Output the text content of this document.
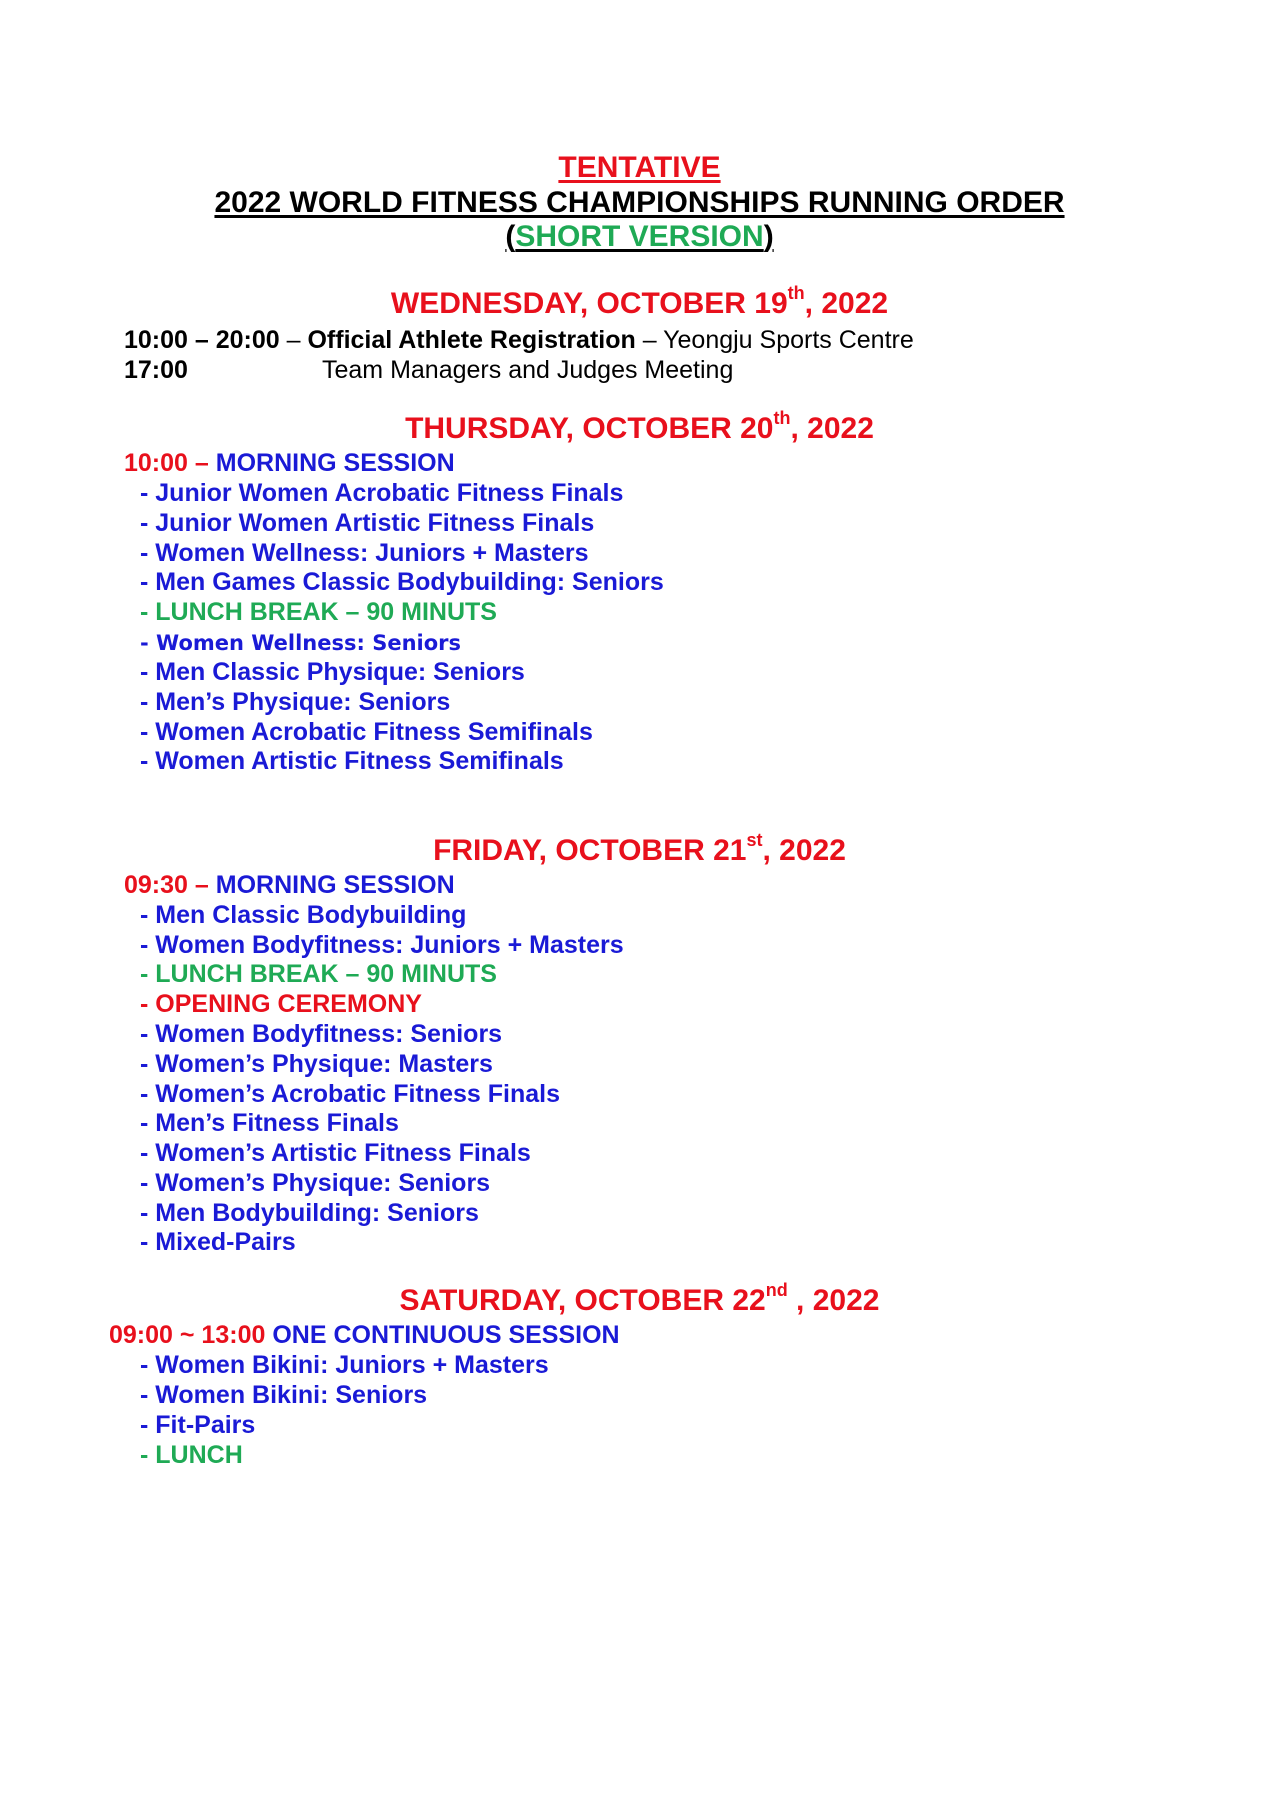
TENTATIVE
2022 WORLD FITNESS CHAMPIONSHIPS RUNNING ORDER
(SHORT VERSION)
WEDNESDAY, OCTOBER 19th, 2022
10:00 – 20:00 – Official Athlete Registration – Yeongju Sports Centre
17:00	Team Managers and Judges Meeting
THURSDAY, OCTOBER 20th, 2022
10:00 – MORNING SESSION
- Junior Women Acrobatic Fitness Finals
- Junior Women Artistic Fitness Finals
- Women Wellness: Juniors + Masters
- Men Games Classic Bodybuilding: Seniors
- LUNCH BREAK – 90 MINUTS
- Women Wellness: Seniors
- Men Classic Physique: Seniors
- Men’s Physique: Seniors
- Women Acrobatic Fitness Semifinals
- Women Artistic Fitness Semifinals
FRIDAY, OCTOBER 21st, 2022
09:30 – MORNING SESSION
- Men Classic Bodybuilding
- Women Bodyfitness: Juniors + Masters
- LUNCH BREAK – 90 MINUTS
- OPENING CEREMONY
- Women Bodyfitness: Seniors
- Women’s Physique: Masters
- Women’s Acrobatic Fitness Finals
- Men’s Fitness Finals
- Women’s Artistic Fitness Finals
- Women’s Physique: Seniors
- Men Bodybuilding: Seniors
- Mixed-Pairs
SATURDAY, OCTOBER 22nd , 2022
09:00 ~ 13:00 ONE CONTINUOUS SESSION
- Women Bikini: Juniors + Masters
- Women Bikini: Seniors
- Fit-Pairs
- LUNCH
